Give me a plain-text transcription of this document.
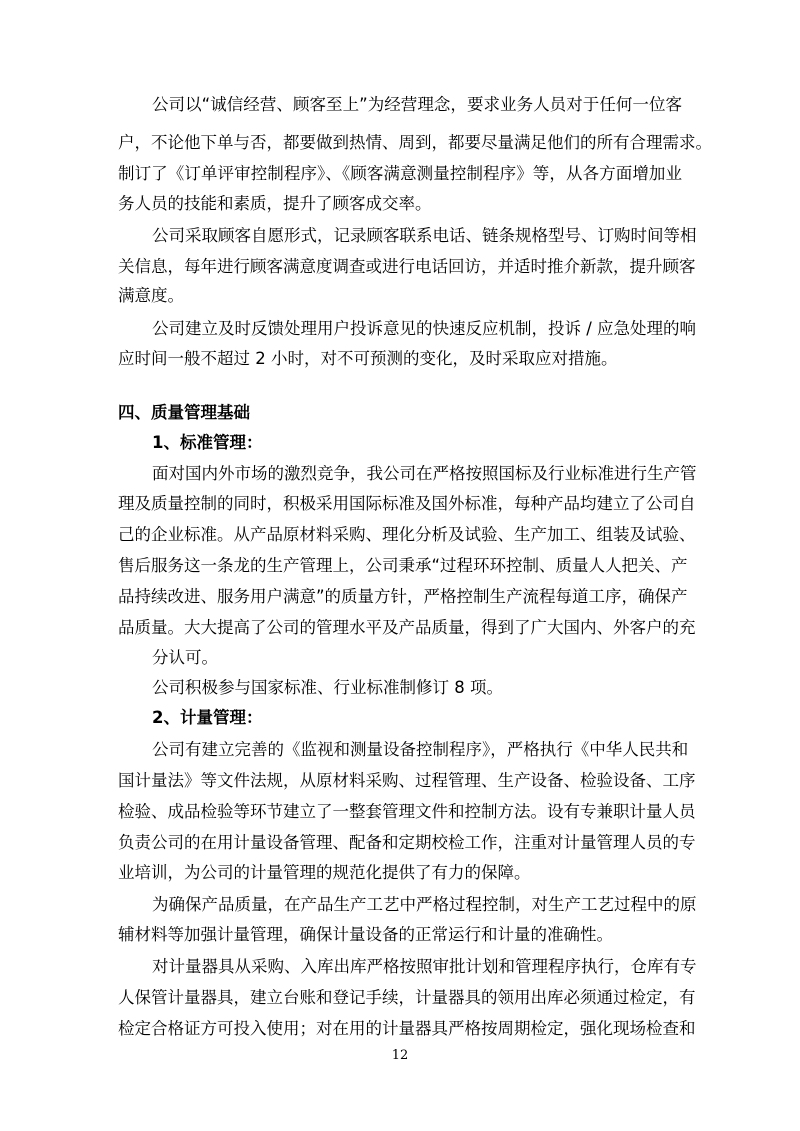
公司以“诚信经营、顾客至上”为经营理念，要求业务人员对于任何一位客
户，不论他下单与否，都要做到热情、周到，都要尽量满足他们的所有合理需求。
制订了《订单评审控制程序》、《顾客满意测量控制程序》等，从各方面增加业
务人员的技能和素质，提升了顾客成交率。
公司采取顾客自愿形式，记录顾客联系电话、链条规格型号、订购时间等相
关信息，每年进行顾客满意度调查或进行电话回访，并适时推介新款，提升顾客
满意度。
公司建立及时反馈处理用户投诉意见的快速反应机制，投诉 / 应急处理的响
应时间一般不超过 2 小时，对不可预测的变化，及时采取应对措施。
四、质量管理基础
1、标准管理：
面对国内外市场的激烈竞争，我公司在严格按照国标及行业标准进行生产管
理及质量控制的同时，积极采用国际标准及国外标准，每种产品均建立了公司自
己的企业标准。从产品原材料采购、理化分析及试验、生产加工、组装及试验、
售后服务这一条龙的生产管理上，公司秉承“过程环环控制、质量人人把关、产
品持续改进、服务用户满意”的质量方针，严格控制生产流程每道工序，确保产
品质量。大大提高了公司的管理水平及产品质量，得到了广大国内、外客户的充
分认可。
公司积极参与国家标准、行业标准制修订 8 项。
2、计量管理：
公司有建立完善的《监视和测量设备控制程序》，严格执行《中华人民共和
国计量法》等文件法规，从原材料采购、过程管理、生产设备、检验设备、工序
检验、成品检验等环节建立了一整套管理文件和控制方法。设有专兼职计量人员
负责公司的在用计量设备管理、配备和定期校检工作，注重对计量管理人员的专
业培训，为公司的计量管理的规范化提供了有力的保障。
为确保产品质量，在产品生产工艺中严格过程控制，对生产工艺过程中的原
辅材料等加强计量管理，确保计量设备的正常运行和计量的准确性。
对计量器具从采购、入库出库严格按照审批计划和管理程序执行，仓库有专
人保管计量器具，建立台账和登记手续，计量器具的领用出库必须通过检定，有
检定合格证方可投入使用；对在用的计量器具严格按周期检定，强化现场检查和
12
